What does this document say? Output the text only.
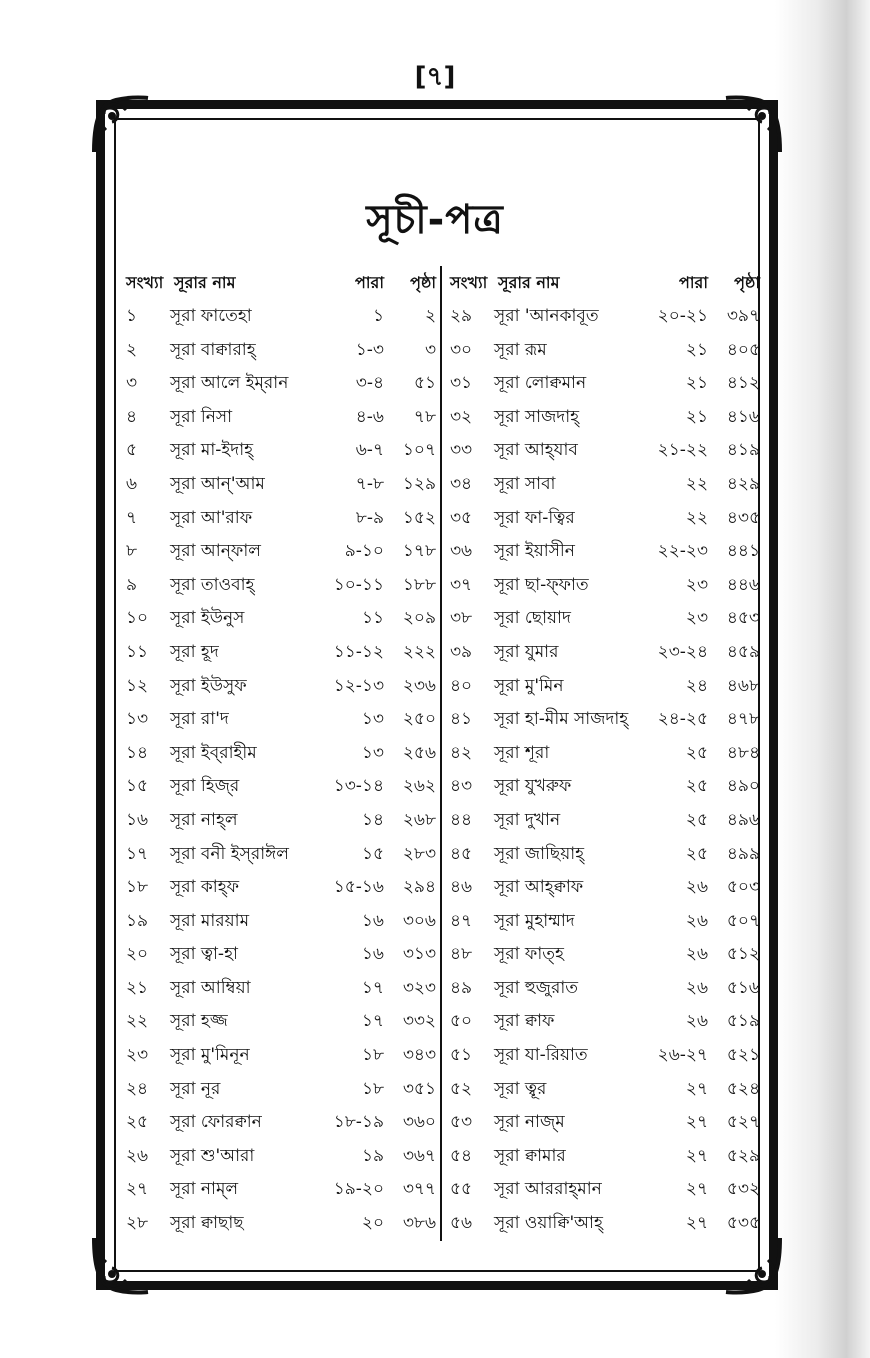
[৭]
সূচী-পত্র
সংখ্যা সূরার নাম	পারা	পৃষ্ঠা
১	সূরা ফাতেহা	১	২
২	সূরা বাক্বারাহ্	১-৩	৩
৩	সূরা আলে ইম্‌রান	৩-৪	৫১
৪	সূরা নিসা	৪-৬	৭৮
৫	সূরা মা-ইদাহ্	৬-৭	১০৭
৬	সূরা আন্'আম	৭-৮	১২৯
৭	সূরা আ'রাফ	৮-৯	১৫২
৮	সূরা আন্‌ফাল	৯-১০	১৭৮
৯	সূরা তাওবাহ্	১০-১১	১৮৮
১০	সূরা ইউনুস	১১	২০৯
১১	সূরা হূদ	১১-১২	২২২
১২	সূরা ইউসুফ	১২-১৩	২৩৬
১৩	সূরা রা'দ	১৩	২৫০
১৪	সূরা ইব্‌রাহীম	১৩	২৫৬
১৫	সূরা হিজ্‌র	১৩-১৪	২৬২
১৬	সূরা নাহ্‌ল	১৪	২৬৮
১৭	সূরা বনী ইস্‌রাঈল	১৫	২৮৩
১৮	সূরা কাহ্‌ফ	১৫-১৬	২৯৪
১৯	সূরা মারয়াম	১৬	৩০৬
২০	সূরা ত্বা-হা	১৬	৩১৩
২১	সূরা আম্বিয়া	১৭	৩২৩
২২	সূরা হজ্জ	১৭	৩৩২
২৩	সূরা মু'মিনূন	১৮	৩৪৩
২৪	সূরা নূর	১৮	৩৫১
২৫	সূরা ফোরক্বান	১৮-১৯	৩৬০
২৬	সূরা শু'আরা	১৯	৩৬৭
২৭	সূরা নাম্‌ল	১৯-২০	৩৭৭
২৮	সূরা ক্বাছাছ	২০	৩৮৬
সংখ্যা সূরার নাম	পারা	পৃষ্ঠা
২৯	সূরা 'আনকাবূত	২০-২১	৩৯৭
৩০	সূরা রূম	২১	৪০৫
৩১	সূরা লোক্বমান	২১	৪১২
৩২	সূরা সাজদাহ্	২১	৪১৬
৩৩	সূরা আহ্‌যাব	২১-২২	৪১৯
৩৪	সূরা সাবা	২২	৪২৯
৩৫	সূরা ফা-ত্বির	২২	৪৩৫
৩৬	সূরা ইয়াসীন	২২-২৩	৪৪১
৩৭	সূরা ছা-ফ্‌ফাত	২৩	৪৪৬
৩৮	সূরা ছোয়াদ	২৩	৪৫৩
৩৯	সূরা যুমার	২৩-২৪	৪৫৯
৪০	সূরা মু'মিন	২৪	৪৬৮
৪১	সূরা হা-মীম সাজদাহ্	২৪-২৫	৪৭৮
৪২	সূরা শূরা	২৫	৪৮৪
৪৩	সূরা যুখরুফ	২৫	৪৯০
৪৪	সূরা দুখান	২৫	৪৯৬
৪৫	সূরা জাছিয়াহ্	২৫	৪৯৯
৪৬	সূরা আহ্‌ক্বাফ	২৬	৫০৩
৪৭	সূরা মুহাম্মাদ	২৬	৫০৭
৪৮	সূরা ফাত্‌হ	২৬	৫১২
৪৯	সূরা হুজুরাত	২৬	৫১৬
৫০	সূরা ক্বাফ	২৬	৫১৯
৫১	সূরা যা-রিয়াত	২৬-২৭	৫২১
৫২	সূরা ত্বূর	২৭	৫২৪
৫৩	সূরা নাজ্‌ম	২৭	৫২৭
৫৪	সূরা ক্বামার	২৭	৫২৯
৫৫	সূরা আররাহ্‌মান	২৭	৫৩২
৫৬	সূরা ওয়াক্বি'আহ্	২৭	৫৩৫
